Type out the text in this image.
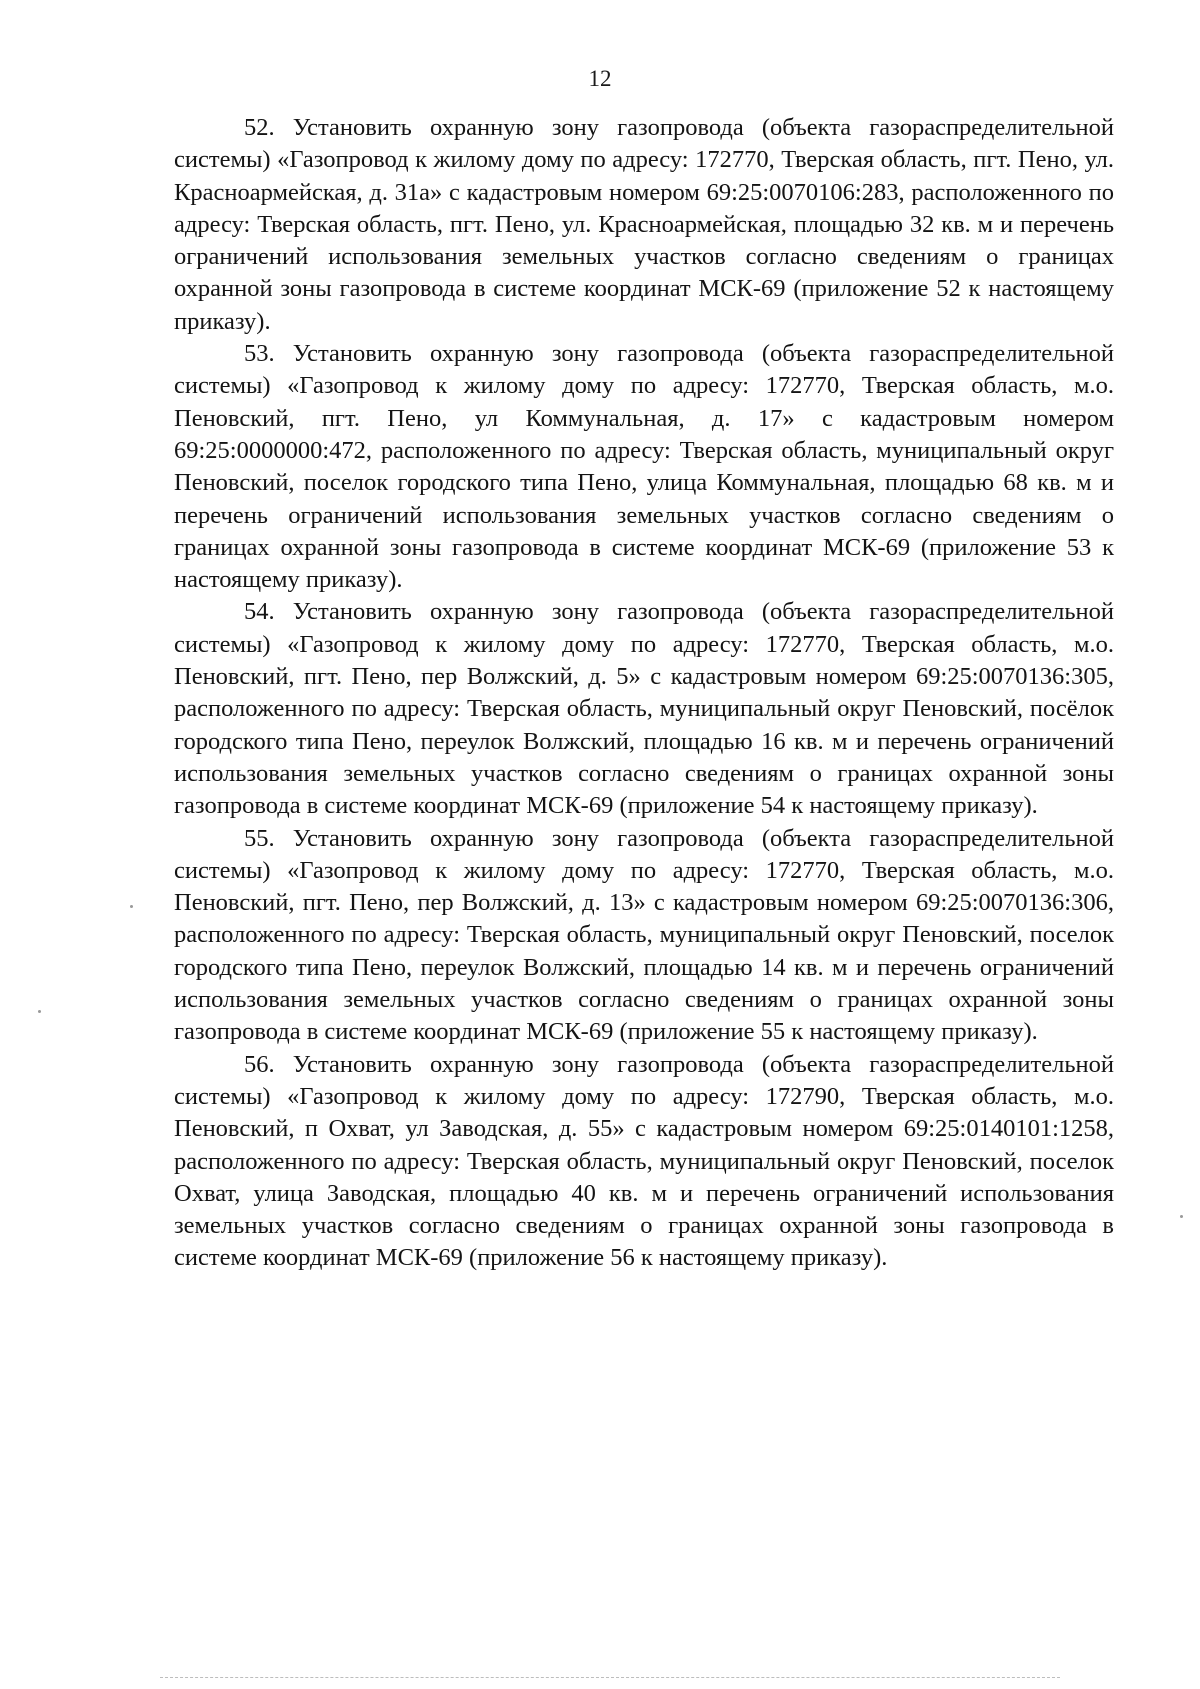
12

52. Установить охранную зону газопровода (объекта газораспределительной системы) «Газопровод к жилому дому по адресу: 172770, Тверская область, пгт. Пено, ул. Красноармейская, д. 31а» с кадастровым номером 69:25:0070106:283, расположенного по адресу: Тверская область, пгт. Пено, ул. Красноармейская, площадью 32 кв. м и перечень ограничений использования земельных участков согласно сведениям о границах охранной зоны газопровода в системе координат МСК-69 (приложение 52 к настоящему приказу).

53. Установить охранную зону газопровода (объекта газораспределительной системы) «Газопровод к жилому дому по адресу: 172770, Тверская область, м.о. Пеновский, пгт. Пено, ул Коммунальная, д. 17» с кадастровым номером 69:25:0000000:472, расположенного по адресу: Тверская область, муниципальный округ Пеновский, поселок городского типа Пено, улица Коммунальная, площадью 68 кв. м и перечень ограничений использования земельных участков согласно сведениям о границах охранной зоны газопровода в системе координат МСК-69 (приложение 53 к настоящему приказу).

54. Установить охранную зону газопровода (объекта газораспределительной системы) «Газопровод к жилому дому по адресу: 172770, Тверская область, м.о. Пеновский, пгт. Пено, пер Волжский, д. 5» с кадастровым номером 69:25:0070136:305, расположенного по адресу: Тверская область, муниципальный округ Пеновский, посёлок городского типа Пено, переулок Волжский, площадью 16 кв. м и перечень ограничений использования земельных участков согласно сведениям о границах охранной зоны газопровода в системе координат МСК-69 (приложение 54 к настоящему приказу).

55. Установить охранную зону газопровода (объекта газораспределительной системы) «Газопровод к жилому дому по адресу: 172770, Тверская область, м.о. Пеновский, пгт. Пено, пер Волжский, д. 13» с кадастровым номером 69:25:0070136:306, расположенного по адресу: Тверская область, муниципальный округ Пеновский, поселок городского типа Пено, переулок Волжский, площадью 14 кв. м и перечень ограничений использования земельных участков согласно сведениям о границах охранной зоны газопровода в системе координат МСК-69 (приложение 55 к настоящему приказу).

56. Установить охранную зону газопровода (объекта газораспределительной системы) «Газопровод к жилому дому по адресу: 172790, Тверская область, м.о. Пеновский, п Охват, ул Заводская, д. 55» с кадастровым номером 69:25:0140101:1258, расположенного по адресу: Тверская область, муниципальный округ Пеновский, поселок Охват, улица Заводская, площадью 40 кв. м и перечень ограничений использования земельных участков согласно сведениям о границах охранной зоны газопровода в системе координат МСК-69 (приложение 56 к настоящему приказу).
